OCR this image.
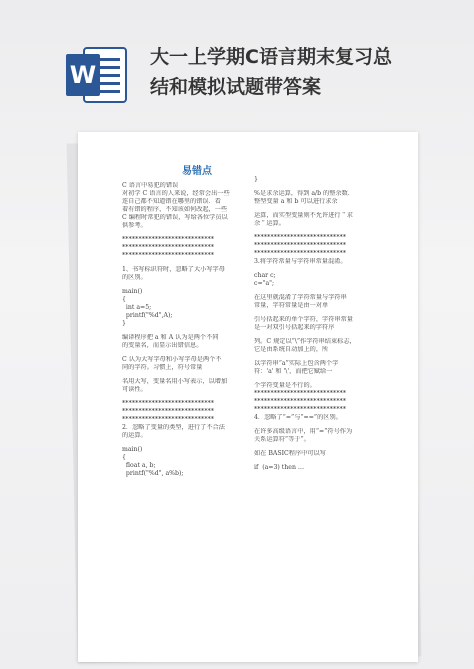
W
大一上学期C语言期末复习总
结和模拟试题带答案
易错点
C 语言中易犯的错误
对初学 C 语言的人来说，经常会出一些
连自己都不知道错在哪里的错误．看
着有错的程序，不知该如何改起，一些
C 编程时常犯的错误，写给各位学员以
供参考。
****************************
****************************
****************************
1、书写标识符时，忽略了大小写字母
的区别。
main()
{
int a=5;
printf("%d",A);
}
编译程序把 a 和 A 认为是两个不同
的变量名，而显示出错信息。
C 认为大写字母和小写字母是两个不
同的字符。习惯上，符号常量
名用大写，变量名用小写表示，以增加
可读性。
****************************
****************************
****************************
2．忽略了变量的类型，进行了不合法
的运算。
main()
{
float a, b;
printf("%d", a%b);
}
%是求余运算，得到 a/b 的整余数．
整型变量 a 和 b 可以进行求余
运算，而实型变量则不允许进行＂求
余＂运算。
****************************
****************************
****************************
3.将字符常量与字符串常量混淆。
char c;
c="a";
在这里就混淆了字符常量与字符串
常量，字符常量是由一对单
引号括起来的单个字符，字符串常量
是一对双引号括起来的字符序
列。C 规定以“\”作字符串结束标志，
它是由系统自动加上的，所
以字符串“a”实际上包含两个字
符：'a' 和 '\'，而把它赋给一
个字符变量是不行的。
****************************
****************************
****************************
4．忽略了“=”与“==”的区别。
在许多高级语言中，用“=”符号作为
关系运算符“等于”。
如在 BASIC程序中可以写
if  (a=3) then …
